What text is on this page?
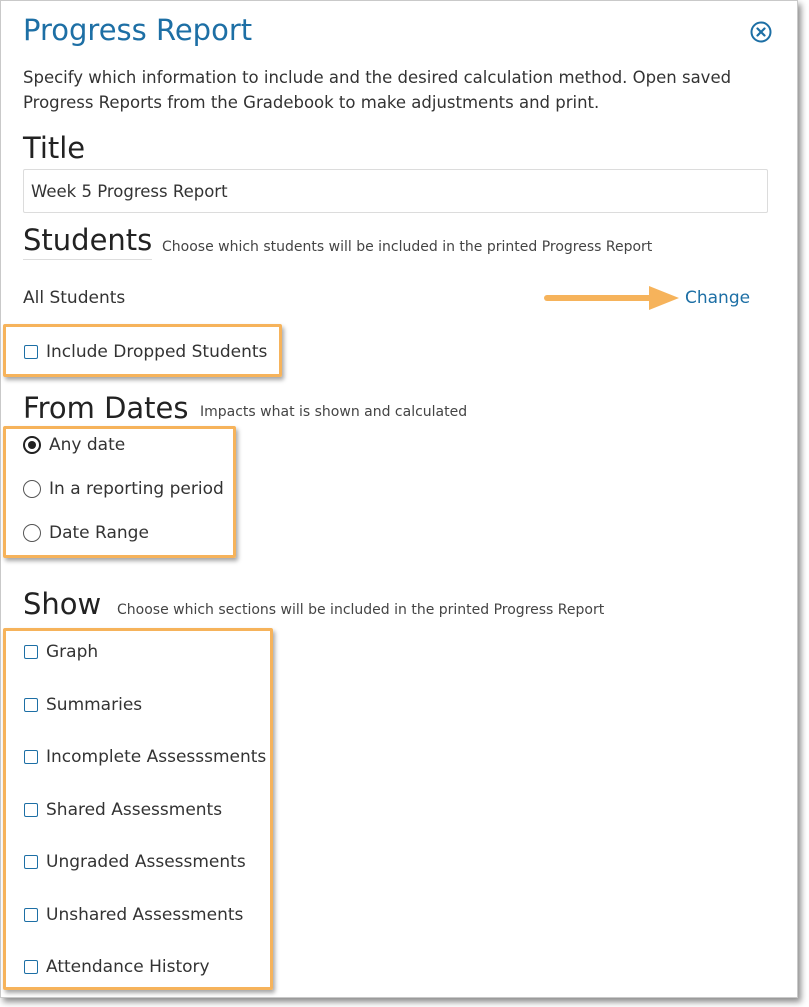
Progress Report
Specify which information to include and the desired calculation method. Open saved Progress Reports from the Gradebook to make adjustments and print.
Title
Week 5 Progress Report
Students Choose which students will be included in the printed Progress Report
All Students	Change
Include Dropped Students
From Dates Impacts what is shown and calculated
Any date
In a reporting period
Date Range
Show Choose which sections will be included in the printed Progress Report
Graph
Summaries
Incomplete Assesssments
Shared Assessments
Ungraded Assessments
Unshared Assessments
Attendance History
